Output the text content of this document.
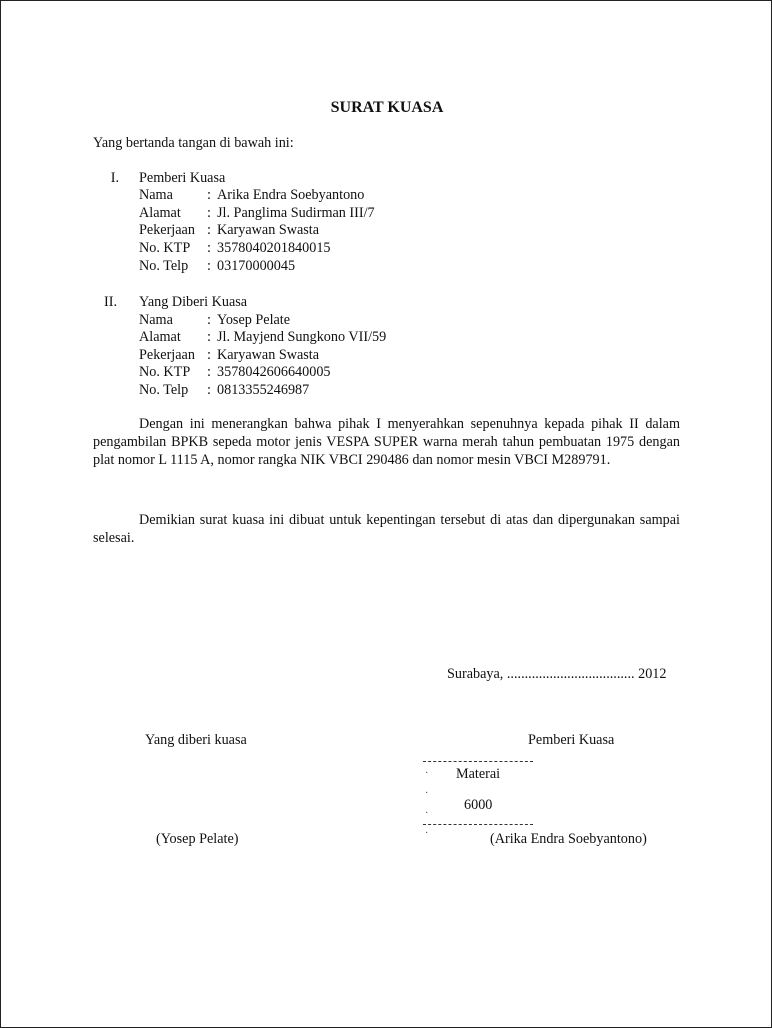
SURAT KUASA
Yang bertanda tangan di bawah ini:
I. Pemberi Kuasa
Nama : Arika Endra Soebyantono
Alamat : Jl. Panglima Sudirman III/7
Pekerjaan : Karyawan Swasta
No. KTP : 3578040201840015
No. Telp : 03170000045
II. Yang Diberi Kuasa
Nama : Yosep Pelate
Alamat : Jl. Mayjend Sungkono VII/59
Pekerjaan : Karyawan Swasta
No. KTP : 3578042606640005
No. Telp : 0813355246987
Dengan ini menerangkan bahwa pihak I menyerahkan sepenuhnya kepada pihak II dalam pengambilan BPKB sepeda motor jenis VESPA SUPER warna merah tahun pembuatan 1975 dengan plat nomor L 1115 A, nomor rangka NIK VBCI 290486 dan nomor mesin VBCI M289791.
Demikian surat kuasa ini dibuat untuk kepentingan tersebut di atas dan dipergunakan sampai selesai.
Surabaya, .................................... 2012
Yang diberi kuasa	Pemberi Kuasa
·

·

·

·
Materai
6000
(Yosep Pelate)	(Arika Endra Soebyantono)
